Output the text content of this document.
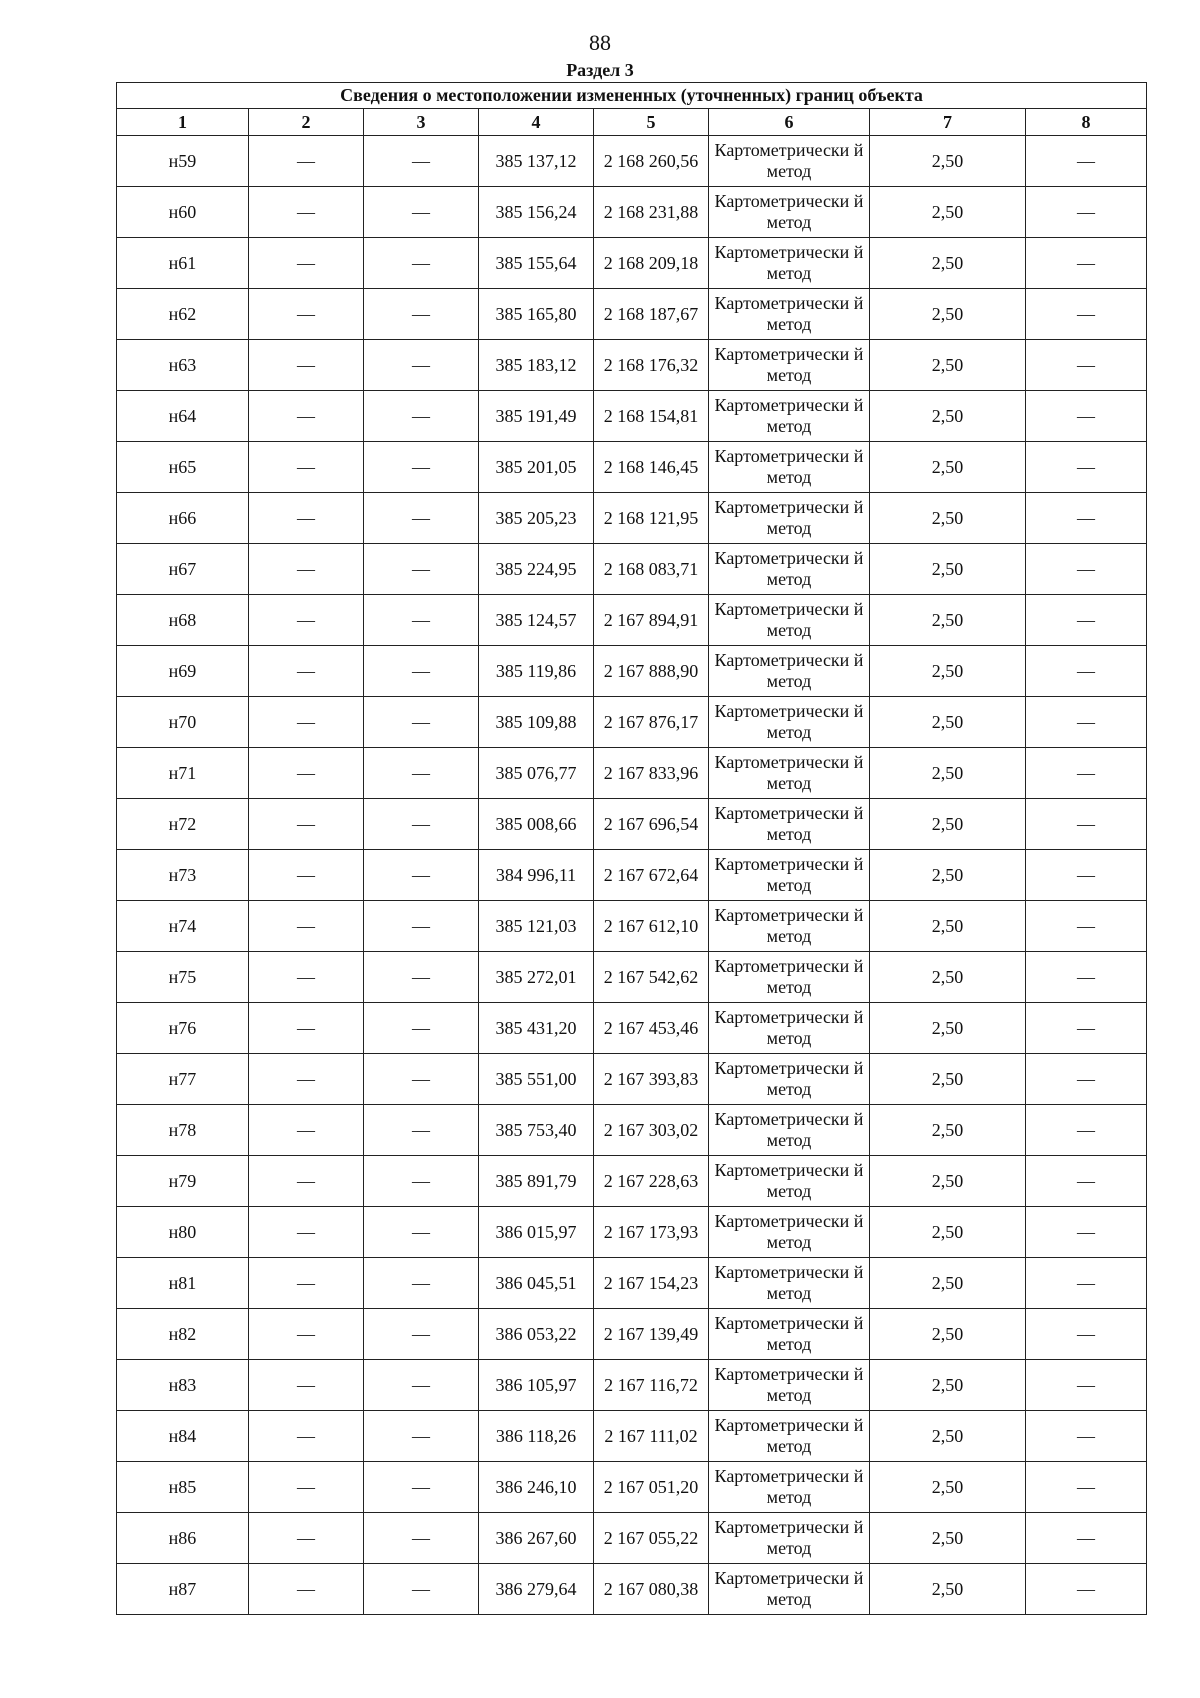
88
Раздел 3
Сведения о местоположении измененных (уточненных) границ объекта							
1	2	3	4	5	6	7	8
н59	—	—	385 137,12	2 168 260,56	Картометрически й метод	2,50	—
н60	—	—	385 156,24	2 168 231,88	Картометрически й метод	2,50	—
н61	—	—	385 155,64	2 168 209,18	Картометрически й метод	2,50	—
н62	—	—	385 165,80	2 168 187,67	Картометрически й метод	2,50	—
н63	—	—	385 183,12	2 168 176,32	Картометрически й метод	2,50	—
н64	—	—	385 191,49	2 168 154,81	Картометрически й метод	2,50	—
н65	—	—	385 201,05	2 168 146,45	Картометрически й метод	2,50	—
н66	—	—	385 205,23	2 168 121,95	Картометрически й метод	2,50	—
н67	—	—	385 224,95	2 168 083,71	Картометрически й метод	2,50	—
н68	—	—	385 124,57	2 167 894,91	Картометрически й метод	2,50	—
н69	—	—	385 119,86	2 167 888,90	Картометрически й метод	2,50	—
н70	—	—	385 109,88	2 167 876,17	Картометрически й метод	2,50	—
н71	—	—	385 076,77	2 167 833,96	Картометрически й метод	2,50	—
н72	—	—	385 008,66	2 167 696,54	Картометрически й метод	2,50	—
н73	—	—	384 996,11	2 167 672,64	Картометрически й метод	2,50	—
н74	—	—	385 121,03	2 167 612,10	Картометрически й метод	2,50	—
н75	—	—	385 272,01	2 167 542,62	Картометрически й метод	2,50	—
н76	—	—	385 431,20	2 167 453,46	Картометрически й метод	2,50	—
н77	—	—	385 551,00	2 167 393,83	Картометрически й метод	2,50	—
н78	—	—	385 753,40	2 167 303,02	Картометрически й метод	2,50	—
н79	—	—	385 891,79	2 167 228,63	Картометрически й метод	2,50	—
н80	—	—	386 015,97	2 167 173,93	Картометрически й метод	2,50	—
н81	—	—	386 045,51	2 167 154,23	Картометрически й метод	2,50	—
н82	—	—	386 053,22	2 167 139,49	Картометрически й метод	2,50	—
н83	—	—	386 105,97	2 167 116,72	Картометрически й метод	2,50	—
н84	—	—	386 118,26	2 167 111,02	Картометрически й метод	2,50	—
н85	—	—	386 246,10	2 167 051,20	Картометрически й метод	2,50	—
н86	—	—	386 267,60	2 167 055,22	Картометрически й метод	2,50	—
н87	—	—	386 279,64	2 167 080,38	Картометрически й метод	2,50	—
